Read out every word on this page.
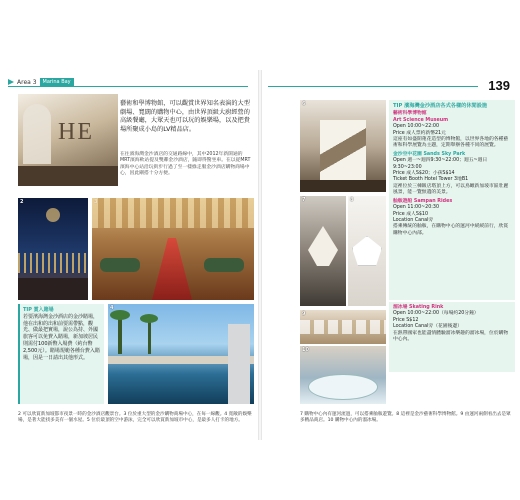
Area 3	Marina Bay	139
HE
藝術和學博物館，可以觀賞世界知名表演的大型劇場、寬闊的購物中心，由世界頂級大廚經營的高級餐廳，大眾天也可以玩的娛樂場，以及把貴場所聚成小島的LV精品店。
在往濱海灣金沙酒店的交通路線中，其中2012年新開通的MRT濱海軟站提及雙鄰金沙酒店，隨即得驚坐車。在以從MRT濱海中心站沿玩街步行過了至一樣綠走服金沙酒店購物商場中心，因此剛搭十分方便。
2
TIP 賞入賭場
若要濱海灣金沙酒店的金沙賭場，他在出和的出和前要需帶點，觀光、做最把實場，說公為持、外國旅客可以免費入賭場，新加坡居民則需付100新幣入場費（約台幣2,500元）。賭場規範各種台費入賭場，因是一日請出其他形式。
4
2 可以欣賞新加坡都市夜景一時的金沙酒店觀景台。3 位於重大型的金沙購物商場中心，在每一線觀。4 寬敞的娛樂場，是著大能找多美有一個水屋。5 位於最頂的空中游泳，完全可以欣賞新加坡市中心，是最多人打卡的地方。
6
7	8
TIP 濱海灣金沙酒店各式各樣的休閒設施
藝術科學博物館
Art Science Museum
Open 10:00~22:00
Price 成人票約新幣21元
這座有如盛開蓮花造型的博物館，以世界各地的各種藝術和科學展覽為主題，定期舉辦各種不同的展覽。
金沙空中花園 Sands Sky Park
Open 週一~週四9:30~22:00；週五~週日9:30~23:00
Price 成人S$20；小孩S$14
Ticket Booth Hotel Tower 3地B1
這裡位於三棟飯店塔頂上方，可以鳥瞰新加坡市區壯麗風景，能一覽無遺的美景。
舢舨遊船 Sampan Rides
Open 11:00~20:30
Price 成人S$10
Location Canal旁
搭乘傳統的舢舨，在購物中心的運河中緩緩前行，欣賞購物中心內部。
溜冰場 Skating Rink
Open 10:00~22:00（每場約20分鐘）
Price S$12
Location Canal旁（花園後邊）
在熱帶國家也能盡情體驗溜冰樂趣的溜冰場，位於購物中心內。
9
10
7 購物中心內有運河流過，可以搭乘舢舨遊覽。8 這裡是金沙藝術科學博物館。9 由運河兩側看出去是眾多精品商店。10 購物中心內的溜冰場。
